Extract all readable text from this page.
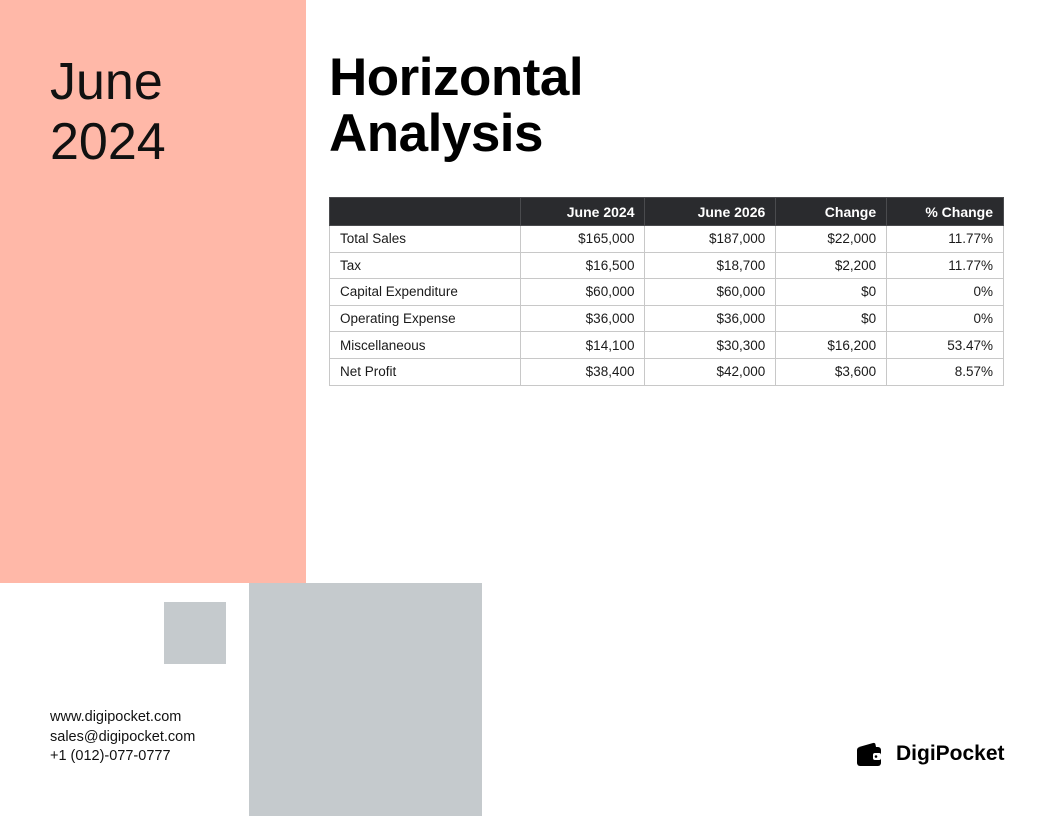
June
2024
Horizontal
Analysis
	June 2024	June 2026	Change	% Change
Total Sales	$165,000	$187,000	$22,000	11.77%
Tax	$16,500	$18,700	$2,200	11.77%
Capital Expenditure	$60,000	$60,000	$0	0%
Operating Expense	$36,000	$36,000	$0	0%
Miscellaneous	$14,100	$30,300	$16,200	53.47%
Net Profit	$38,400	$42,000	$3,600	8.57%
www.digipocket.com
sales@digipocket.com
+1 (012)-077-0777	DigiPocket
